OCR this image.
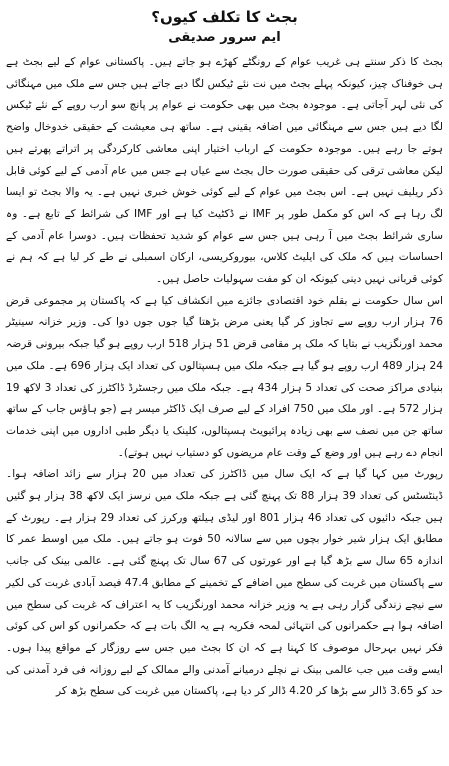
بجٹ کا تکلف کیوں؟
ایم سرور صدیقی

بجٹ کا ذکر سنتے ہی غریب عوام کے رونگٹے کھڑے ہو جاتے ہیں۔ پاکستانی عوام کے لیے بجٹ ہے ہی خوفناک چیز، کیونکہ پہلے بجٹ میں نت نئے ٹیکس لگا دیے جاتے ہیں جس سے ملک میں مہنگائی کی نئی لہر آجاتی ہے۔ موجودہ بجٹ میں بھی حکومت نے عوام پر پانچ سو ارب روپے کے نئے ٹیکس لگا دیے ہیں جس سے مہنگائی میں اضافہ یقینی ہے۔ ساتھ ہی معیشت کے حقیقی خدوخال واضح ہوتے جا رہے ہیں۔ موجودہ حکومت کے ارباب اختیار اپنی معاشی کارکردگی پر اتراتے پھرتے ہیں لیکن معاشی ترقی کی حقیقی صورت حال بجٹ سے عیاں ہے جس میں عام آدمی کے لیے کوئی قابل ذکر ریلیف نہیں ہے۔ اس بجٹ میں عوام کے لیے کوئی خوش خبری نہیں ہے۔ یہ والا بجٹ تو ایسا لگ رہا ہے کہ اس کو مکمل طور پر IMF نے ڈکٹیٹ کیا ہے اور IMF کی شرائط کے تابع ہے۔ وہ ساری شرائط بجٹ میں آ رہی ہیں جس سے عوام کو شدید تحفظات ہیں۔ دوسرا عام آدمی کے احساسات ہیں کہ ملک کی ایلیٹ کلاس، بیوروکریسی، ارکان اسمبلی نے طے کر لیا ہے کہ ہم نے کوئی قربانی نہیں دینی کیونکہ ان کو مفت سہولیات حاصل ہیں۔

اس سال حکومت نے بقلم خود اقتصادی جائزے میں انکشاف کیا ہے کہ پاکستان پر مجموعی قرض 76 ہزار ارب روپے سے تجاوز کر گیا یعنی مرض بڑھتا گیا جوں جوں دوا کی۔ وزیر خزانہ سینیٹر محمد اورنگزیب نے بتایا کہ ملک پر مقامی قرض 51 ہزار 518 ارب روپے ہو گیا جبکہ بیرونی قرضہ 24 ہزار 489 ارب روپے ہو گیا ہے جبکہ ملک میں ہسپتالوں کی تعداد ایک ہزار 696 ہے۔ ملک میں بنیادی مراکز صحت کی تعداد 5 ہزار 434 ہے۔ جبکہ ملک میں رجسٹرڈ ڈاکٹرز کی تعداد 3 لاکھ 19 ہزار 572 ہے۔ اور ملک میں 750 افراد کے لیے صرف ایک ڈاکٹر میسر ہے (جو ہاؤس جاب کے ساتھ ساتھ جن میں نصف سے بھی زیادہ پرائیویٹ ہسپتالوں، کلینک یا دیگر طبی اداروں میں اپنی خدمات انجام دے رہے ہیں اور وضع کے وقت عام مریضوں کو دستیاب نہیں ہوتے)۔

رپورٹ میں کہا گیا ہے کہ ایک سال میں ڈاکٹرز کی تعداد میں 20 ہزار سے زائد اضافہ ہوا۔ ڈینٹسٹس کی تعداد 39 ہزار 88 تک پہنچ گئی ہے جبکہ ملک میں نرسز ایک لاکھ 38 ہزار ہو گئیں ہیں جبکہ دائیوں کی تعداد 46 ہزار 801 اور لیڈی ہیلتھ ورکرز کی تعداد 29 ہزار ہے۔ رپورٹ کے مطابق ایک ہزار شیر خوار بچوں میں سے سالانہ 50 فوت ہو جاتے ہیں۔ ملک میں اوسط عمر کا اندازہ 65 سال سے بڑھ گیا ہے اور عورتوں کی 67 سال تک پہنچ گئی ہے۔ عالمی بینک کی جانب سے پاکستان میں غربت کی سطح میں اضافے کے تخمینے کے مطابق 47.4 فیصد آبادی غربت کی لکیر سے نیچے زندگی گزار رہی ہے یہ وزیر خزانہ محمد اورنگزیب کا یہ اعتراف کہ غربت کی سطح میں اضافہ ہوا ہے حکمرانوں کی انتہائی لمحہ فکریہ ہے یہ الگ بات ہے کہ حکمرانوں کو اس کی کوئی فکر نہیں بہرحال موصوف کا کہنا ہے کہ ان کا بجٹ میں جس سے روزگار کے مواقع پیدا ہوں۔ ایسے وقت میں جب عالمی بینک نے نچلے درمیانے آمدنی والے ممالک کے لیے روزانہ فی فرد آمدنی کی حد کو 3.65 ڈالر سے بڑھا کر 4.20 ڈالر کر دیا ہے، پاکستان میں غربت کی سطح بڑھ کر
